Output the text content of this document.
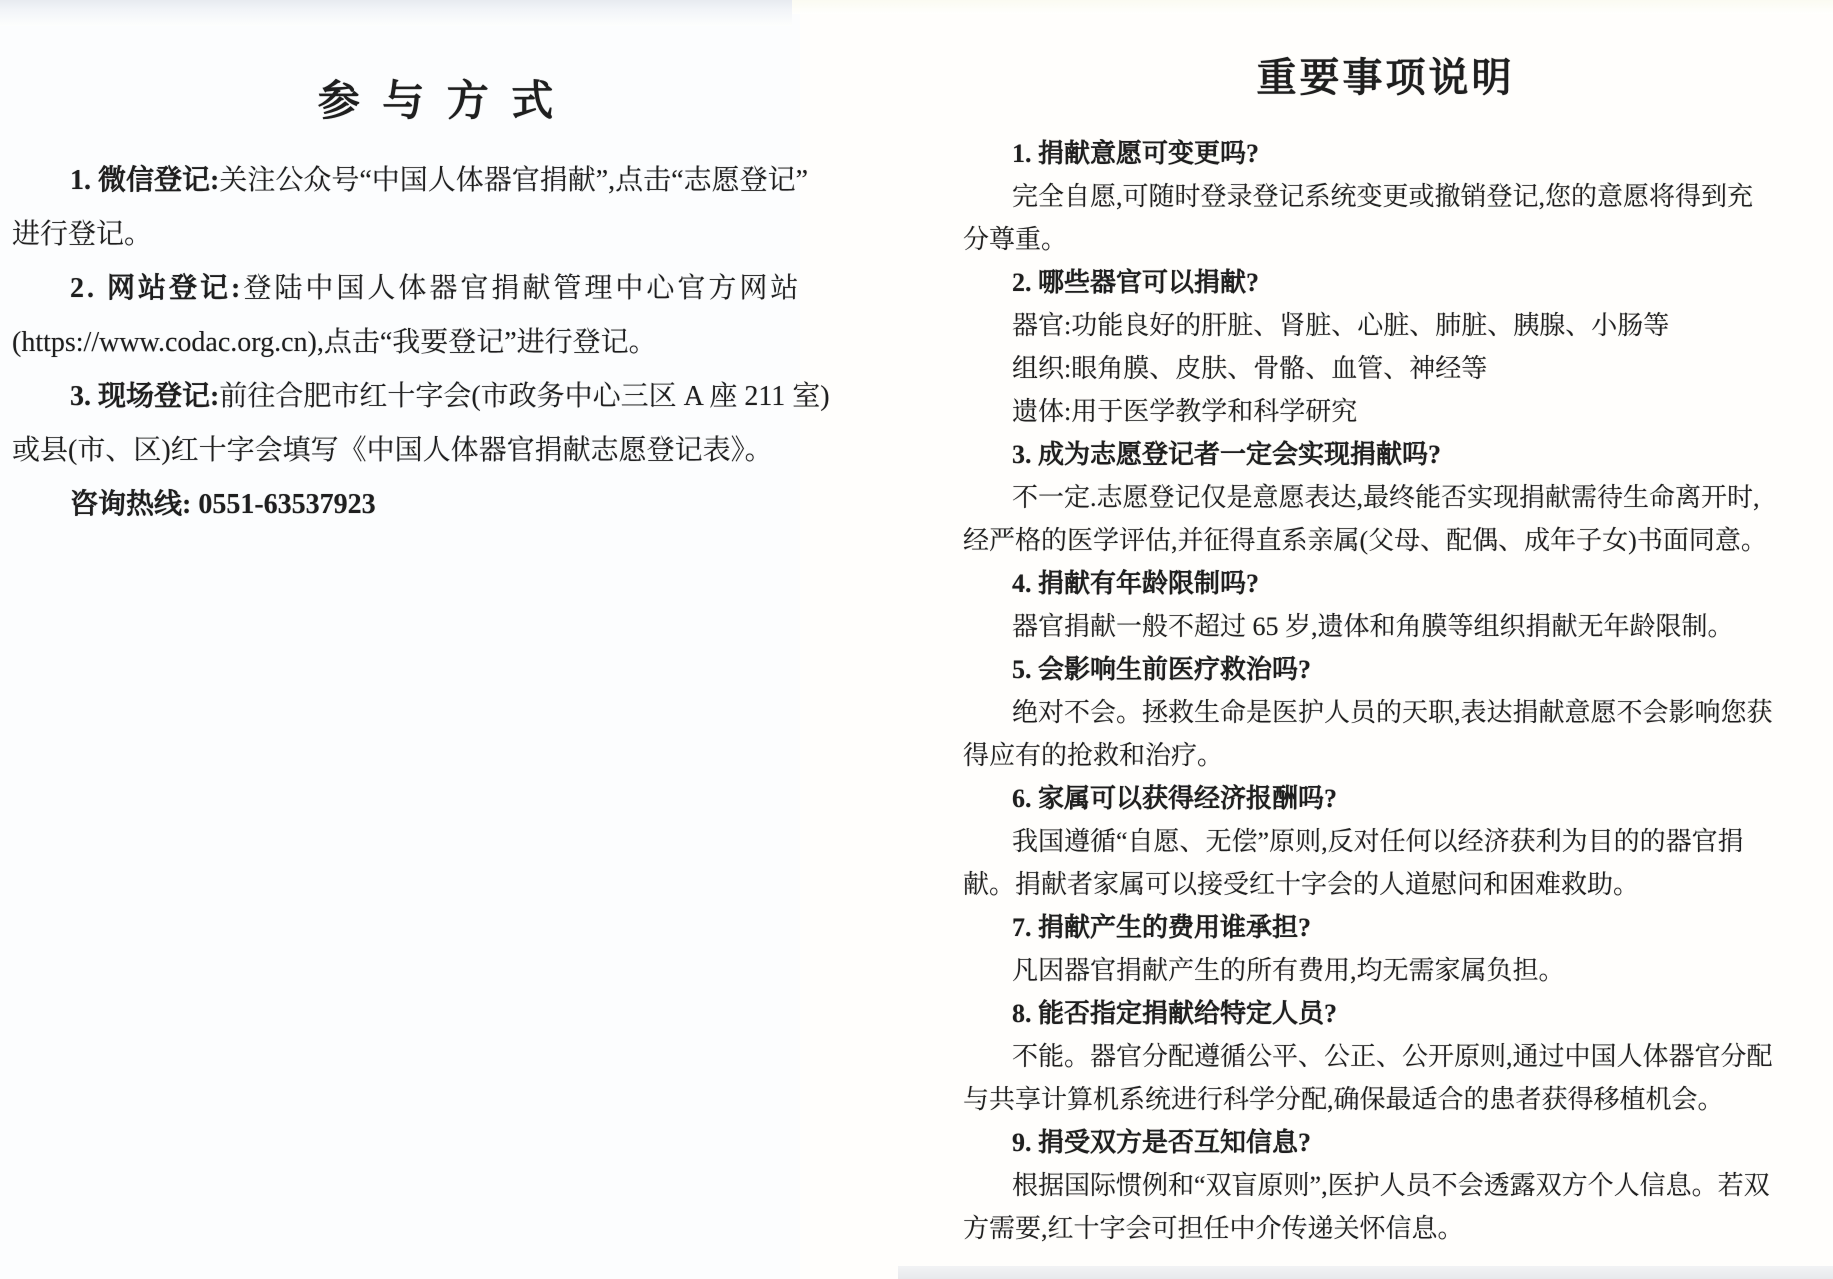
参 与 方 式
1. 微信登记:关注公众号“中国人体器官捐献”,点击“志愿登记”
进行登记。
2. 网站登记:登陆中国人体器官捐献管理中心官方网站
(https://www.codac.org.cn),点击“我要登记”进行登记。
3. 现场登记:前往合肥市红十字会(市政务中心三区 A 座 211 室)
或县(市、区)红十字会填写《中国人体器官捐献志愿登记表》。
咨询热线: 0551-63537923
重要事项说明
1. 捐献意愿可变更吗?
完全自愿,可随时登录登记系统变更或撤销登记,您的意愿将得到充
分尊重。
2. 哪些器官可以捐献?
器官:功能良好的肝脏、肾脏、心脏、肺脏、胰腺、小肠等
组织:眼角膜、皮肤、骨骼、血管、神经等
遗体:用于医学教学和科学研究
3. 成为志愿登记者一定会实现捐献吗?
不一定.志愿登记仅是意愿表达,最终能否实现捐献需待生命离开时,
经严格的医学评估,并征得直系亲属(父母、配偶、成年子女)书面同意。
4. 捐献有年龄限制吗?
器官捐献一般不超过 65 岁,遗体和角膜等组织捐献无年龄限制。
5. 会影响生前医疗救治吗?
绝对不会。拯救生命是医护人员的天职,表达捐献意愿不会影响您获
得应有的抢救和治疗。
6. 家属可以获得经济报酬吗?
我国遵循“自愿、无偿”原则,反对任何以经济获利为目的的器官捐
献。捐献者家属可以接受红十字会的人道慰问和困难救助。
7. 捐献产生的费用谁承担?
凡因器官捐献产生的所有费用,均无需家属负担。
8. 能否指定捐献给特定人员?
不能。器官分配遵循公平、公正、公开原则,通过中国人体器官分配
与共享计算机系统进行科学分配,确保最适合的患者获得移植机会。
9. 捐受双方是否互知信息?
根据国际惯例和“双盲原则”,医护人员不会透露双方个人信息。若双
方需要,红十字会可担任中介传递关怀信息。
